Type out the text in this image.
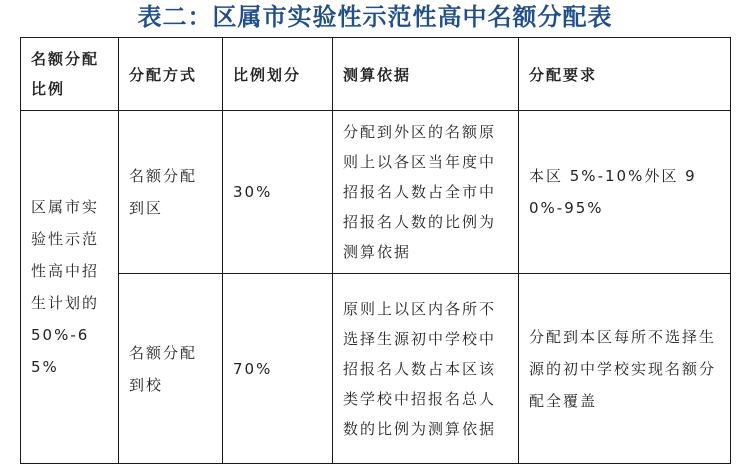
表二：区属市实验性示范性高中名额分配表
名额分配比例	分配方式	比例划分	测算依据	分配要求
区属市实验性示范性高中招生计划的50%-65%	名额分配到区	30%	分配到外区的名额原则上以各区当年度中招报名人数占全市中招报名人数的比例为测算依据	本区 5%-10%外区 90%-95%
	名额分配到校	70%	原则上以区内各所不选择生源初中学校中招报名人数占本区该类学校中招报名总人数的比例为测算依据	分配到本区每所不选择生源的初中学校实现名额分配全覆盖
